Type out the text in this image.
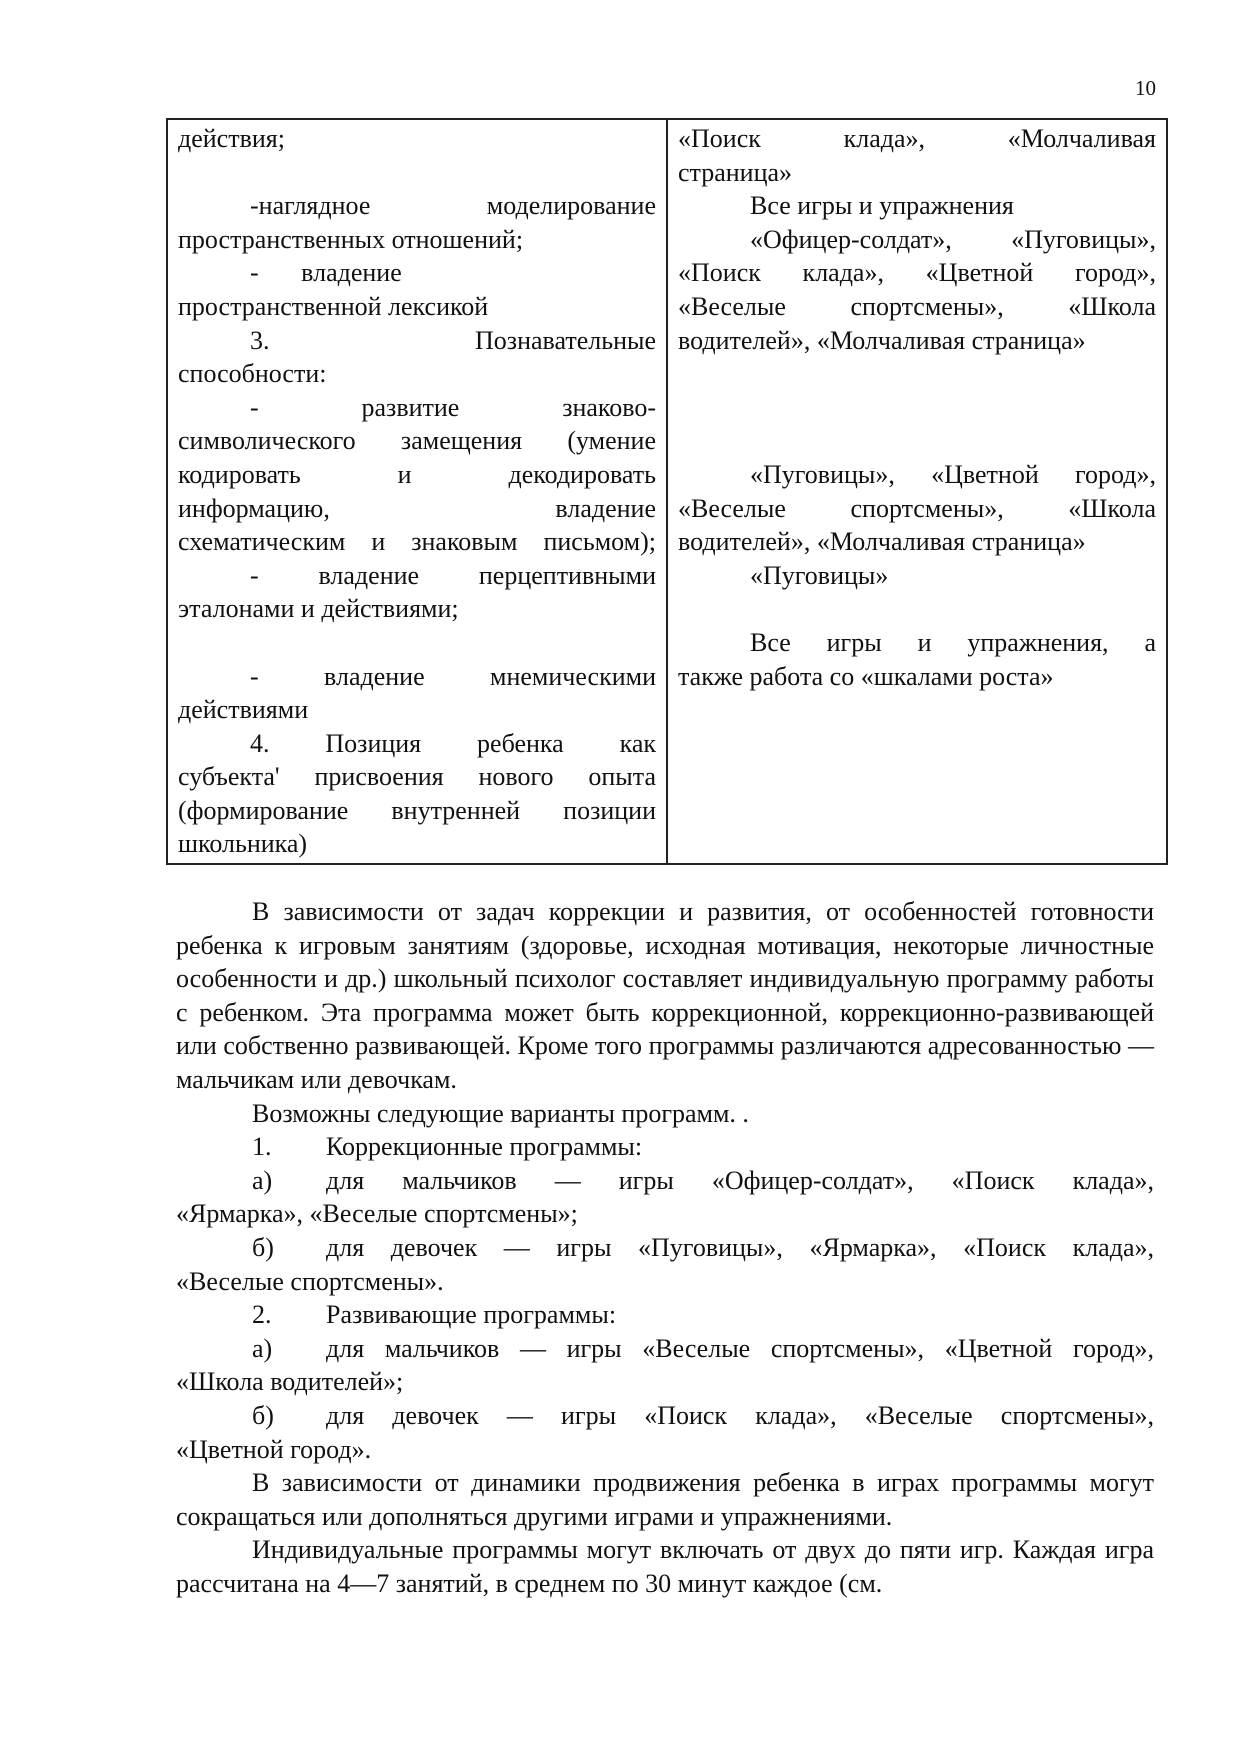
10
действия;
-наглядное моделирование
пространственных отношений;
- владение
пространственной лексикой
3. Познавательные
способности:
- развитие знаково-
символического замещения (умение
кодировать и декодировать
информацию, владение
схематическим и знаковым письмом);
- владение перцептивными
эталонами и действиями;
- владение мнемическими
действиями
4. Позиция ребенка как
субъекта' присвоения нового опыта
(формирование внутренней позиции
школьника)

«Поиск клада», «Молчаливая
страница»
Все игры и упражнения
«Офицер-солдат», «Пуговицы»,
«Поиск клада», «Цветной город»,
«Веселые спортсмены», «Школа
водителей», «Молчаливая страница»
«Пуговицы», «Цветной город»,
«Веселые спортсмены», «Школа
водителей», «Молчаливая страница»
«Пуговицы»
Все игры и упражнения, а
также работа со «шкалами роста»

В зависимости от задач коррекции и развития, от особенностей готовности ребенка к игровым занятиям (здоровье, исходная мотивация, некоторые личностные особенности и др.) школьный психолог составляет индивидуальную программу работы с ребенком. Эта программа может быть коррекционной, коррекционно-развивающей или собственно развивающей. Кроме того программы различаются адресованностью — мальчикам или девочкам.

Возможны следующие варианты программ. .

1.	Коррекционные программы:
а)	для мальчиков — игры «Офицер-солдат», «Поиск клада»,
«Ярмарка», «Веселые спортсмены»;
б)	для девочек — игры «Пуговицы», «Ярмарка», «Поиск клада»,
«Веселые спортсмены».
2.	Развивающие программы:
а)	для мальчиков — игры «Веселые спортсмены», «Цветной город»,
«Школа водителей»;
б)	для девочек — игры «Поиск клада», «Веселые спортсмены»,
«Цветной город».

В зависимости от динамики продвижения ребенка в играх программы могут сокращаться или дополняться другими играми и упражнениями.

Индивидуальные программы могут включать от двух до пяти игр. Каждая игра рассчитана на 4—7 занятий, в среднем по 30 минут каждое (см.
